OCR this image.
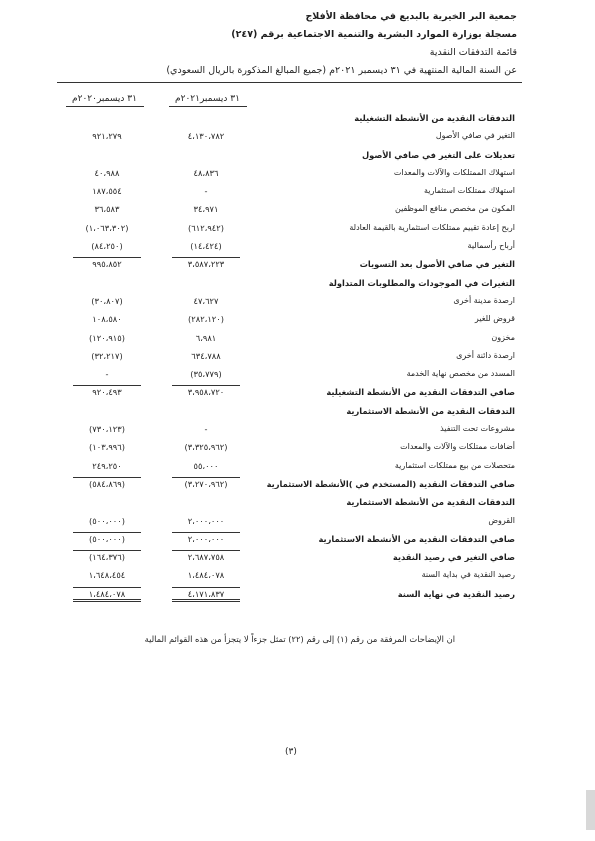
جمعية البر الخيرية بالبديع في محافظة الأفلاج
مسجلة بوزارة الموارد البشرية والتنمية الاجتماعية برقم (٢٤٧)
قائمة التدفقات النقدية
عن السنة المالية المنتهية في ٣١ ديسمبر ٢٠٢١م (جميع المبالغ المذكورة بالريال السعودي)
٣١ ديسمبر٢٠٢١م
٣١ ديسمبر٢٠٢٠م
التدفقات النقدية من الأنشطة التشغيلية
التغير في صافي الأصول
٤،١٣٠،٧٨٢
٩٢١،٢٧٩
تعديلات على التغير في صافي الأصول
استهلاك الممتلكات والآلات والمعدات
٤٨،٨٣٦
٤٠،٩٨٨
استهلاك ممتلكات استثمارية
-
١٨٧،٥٥٤
المكون من مخصص منافع الموظفين
٣٤،٩٧١
٣٦،٥٨٣
اربح إعادة تقييم ممتلكات استثمارية بالقيمة العادلة
(٦١٢،٩٤٢)
(١،٠٦٣،٣٠٢)
أرباح رأسمالية
(١٤،٤٢٤)
(٨٤،٢٥٠)
التغير في صافي الأصول بعد التسويات
٣،٥٨٧،٢٢٣
٩٩٥،٨٥٢
التغيرات في الموجودات والمطلوبات المتداولة
ارصدة مدينة أخرى
٤٧،٦٢٧
(٣٠،٨٠٧)
قروض للغير
(٢٨٢،١٢٠)
١٠٨،٥٨٠
مخزون
٦،٩٨١
(١٢٠،٩١٥)
ارصدة دائنة أخرى
٦٣٤،٧٨٨
(٣٢،٢١٧)
المسدد من مخصص نهاية الخدمة
(٣٥،٧٧٩)
-
صافي التدفقات النقدية من الأنشطة التشغيلية
٣،٩٥٨،٧٢٠
٩٢٠،٤٩٣
التدفقات النقدية من الأنشطة الاستثمارية
مشروعات تحت التنفيذ
-
(٧٣٠،١٢٣)
أضافات ممتلكات والآلات والمعدات
(٣،٣٢٥،٩٦٢)
(١٠٣،٩٩٦)
متحصلات من بيع ممتلكات استثمارية
٥٥،٠٠٠
٢٤٩،٢٥٠
صافي التدفقات النقدية (المستخدم في )الأنشطة الاستثمارية
(٣،٢٧٠،٩٦٢)
(٥٨٤،٨٦٩)
التدفقات النقدية من الأنشطة الاستثمارية
القروض
٢،٠٠٠،٠٠٠
(٥٠٠،٠٠٠)
صافي التدفقات النقدية من الأنشطة الاستثمارية
٢،٠٠٠،٠٠٠
(٥٠٠،٠٠٠)
صافي التغير في رصيد النقدية
٢،٦٨٧،٧٥٨
(١٦٤،٣٧٦)
رصيد النقدية في بداية السنة
١،٤٨٤،٠٧٨
١،٦٤٨،٤٥٤
رصيد النقدية في نهاية السنة
٤،١٧١،٨٣٧
١،٤٨٤،٠٧٨
ان الإيضاحات المرفقة من رقم (١) إلى رقم (٢٢) تمثل جزءاً لا يتجزأ من هذه القوائم المالية
(٣)
